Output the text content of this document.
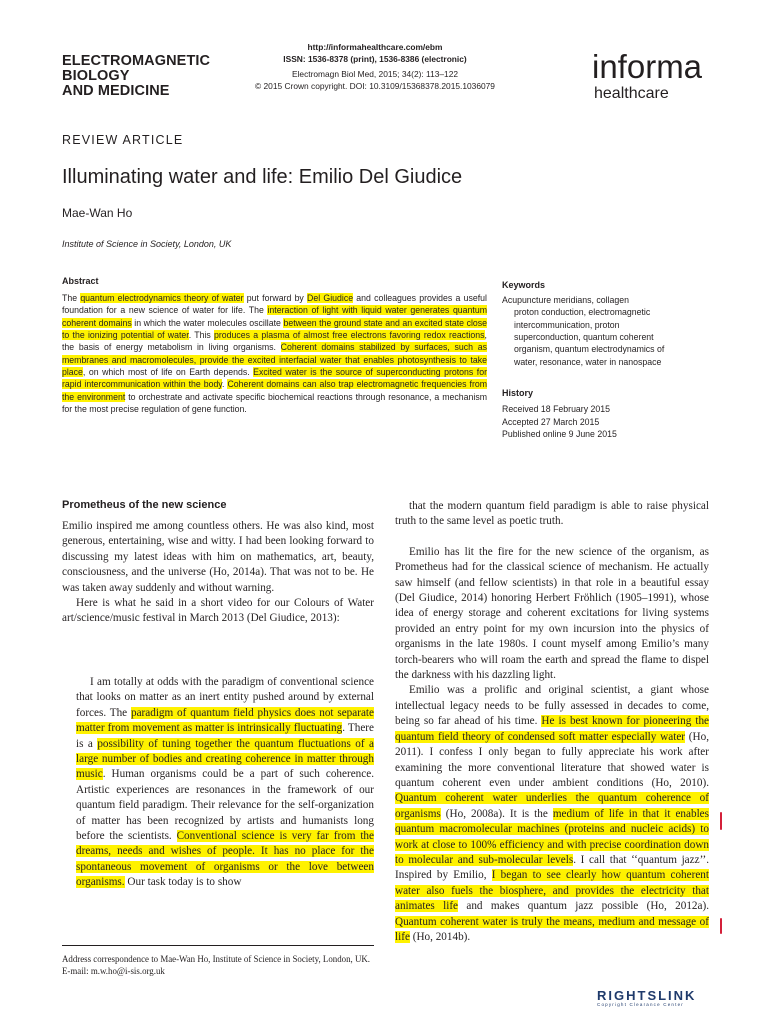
ELECTROMAGNETIC
BIOLOGY
AND MEDICINE
http://informahealthcare.com/ebm
ISSN: 1536-8378 (print), 1536-8386 (electronic)
Electromagn Biol Med, 2015; 34(2): 113–122
© 2015 Crown copyright. DOI: 10.3109/15368378.2015.1036079
informa
healthcare
REVIEW ARTICLE
Illuminating water and life: Emilio Del Giudice
Mae-Wan Ho
Institute of Science in Society, London, UK
Abstract
The quantum electrodynamics theory of water put forward by Del Giudice and colleagues provides a useful foundation for a new science of water for life. The interaction of light with liquid water generates quantum coherent domains in which the water molecules oscillate between the ground state and an excited state close to the ionizing potential of water. This produces a plasma of almost free electrons favoring redox reactions, the basis of energy metabolism in living organisms. Coherent domains stabilized by surfaces, such as membranes and macromolecules, provide the excited interfacial water that enables photosynthesis to take place, on which most of life on Earth depends. Excited water is the source of superconducting protons for rapid intercommunication within the body. Coherent domains can also trap electromagnetic frequencies from the environment to orchestrate and activate specific biochemical reactions through resonance, a mechanism for the most precise regulation of gene function.
Keywords
Acupuncture meridians, collagen
proton conduction, electromagnetic
intercommunication, proton
superconduction, quantum coherent
organism, quantum electrodynamics of
water, resonance, water in nanospace
History
Received 18 February 2015
Accepted 27 March 2015
Published online 9 June 2015
Prometheus of the new science

Emilio inspired me among countless others. He was also kind, most generous, entertaining, wise and witty. I had been looking forward to discussing my latest ideas with him on mathematics, art, beauty, consciousness, and the universe (Ho, 2014a). That was not to be. He was taken away suddenly and without warning.

Here is what he said in a short video for our Colours of Water art/science/music festival in March 2013 (Del Giudice, 2013):

I am totally at odds with the paradigm of conventional science that looks on matter as an inert entity pushed around by external forces. The paradigm of quantum field physics does not separate matter from movement as matter is intrinsically fluctuating. There is a possibility of tuning together the quantum fluctuations of a large number of bodies and creating coherence in matter through music. Human organisms could be a part of such coherence. Artistic experiences are resonances in the framework of our quantum field paradigm. Their relevance for the self-organization of matter has been recognized by artists and humanists long before the scientists. Conventional science is very far from the dreams, needs and wishes of people. It has no place for the spontaneous movement of organisms or the love between organisms. Our task today is to show

Address correspondence to Mae-Wan Ho, Institute of Science in Society, London, UK. E-mail: m.w.ho@i-sis.org.uk

that the modern quantum field paradigm is able to raise physical truth to the same level as poetic truth.

Emilio has lit the fire for the new science of the organism, as Prometheus had for the classical science of mechanism. He actually saw himself (and fellow scientists) in that role in a beautiful essay (Del Giudice, 2014) honoring Herbert Fröhlich (1905–1991), whose idea of energy storage and coherent excitations for living systems provided an entry point for my own incursion into the physics of organisms in the late 1980s. I count myself among Emilio’s many torch-bearers who will roam the earth and spread the flame to dispel the darkness with his dazzling light.

Emilio was a prolific and original scientist, a giant whose intellectual legacy needs to be fully assessed in decades to come, being so far ahead of his time. He is best known for pioneering the quantum field theory of condensed soft matter especially water (Ho, 2011). I confess I only began to fully appreciate his work after examining the more conventional literature that showed water is quantum coherent even under ambient conditions (Ho, 2010). Quantum coherent water underlies the quantum coherence of organisms (Ho, 2008a). It is the medium of life in that it enables quantum macromolecular machines (proteins and nucleic acids) to work at close to 100% efficiency and with precise coordination down to molecular and sub-molecular levels. I call that ‘‘quantum jazz’’. Inspired by Emilio, I began to see clearly how quantum coherent water also fuels the biosphere, and provides the electricity that animates life and makes quantum jazz possible (Ho, 2012a). Quantum coherent water is truly the means, medium and message of life (Ho, 2014b).

RIGHTSLINK
Copyright Clearance Center
